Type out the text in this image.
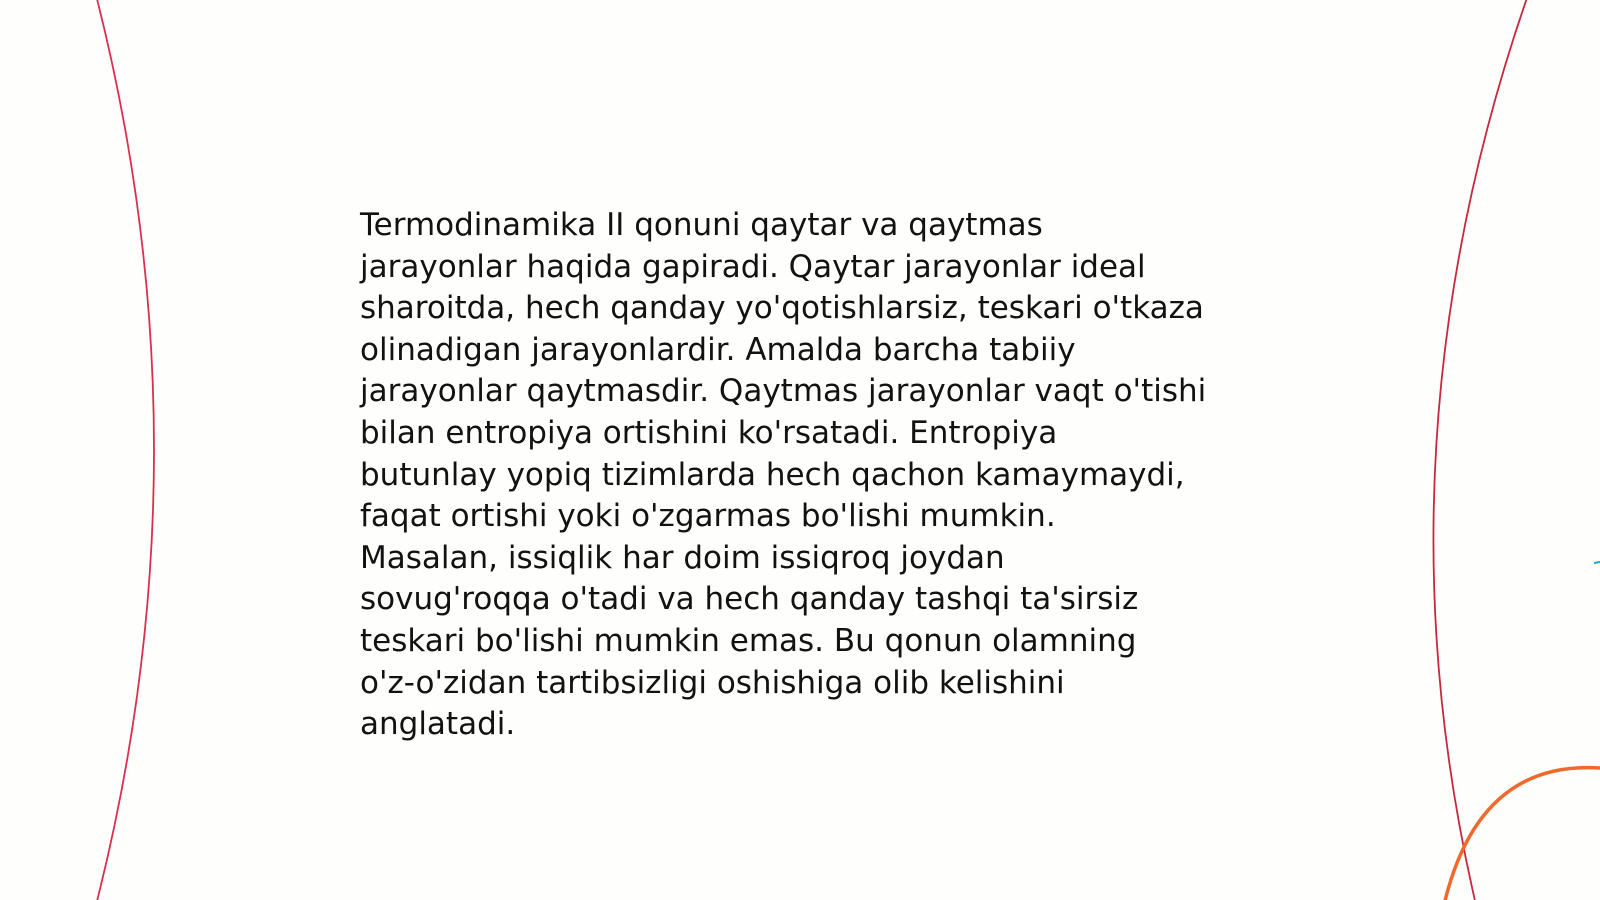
Termodinamika II qonuni qaytar va qaytmas
jarayonlar haqida gapiradi. Qaytar jarayonlar ideal
sharoitda, hech qanday yo'qotishlarsiz, teskari o'tkaza
olinadigan jarayonlardir. Amalda barcha tabiiy
jarayonlar qaytmasdir. Qaytmas jarayonlar vaqt o'tishi
bilan entropiya ortishini ko'rsatadi. Entropiya
butunlay yopiq tizimlarda hech qachon kamaymaydi,
faqat ortishi yoki o'zgarmas bo'lishi mumkin.
Masalan, issiqlik har doim issiqroq joydan
sovug'roqqa o'tadi va hech qanday tashqi ta'sirsiz
teskari bo'lishi mumkin emas. Bu qonun olamning
o'z-o'zidan tartibsizligi oshishiga olib kelishini
anglatadi.
